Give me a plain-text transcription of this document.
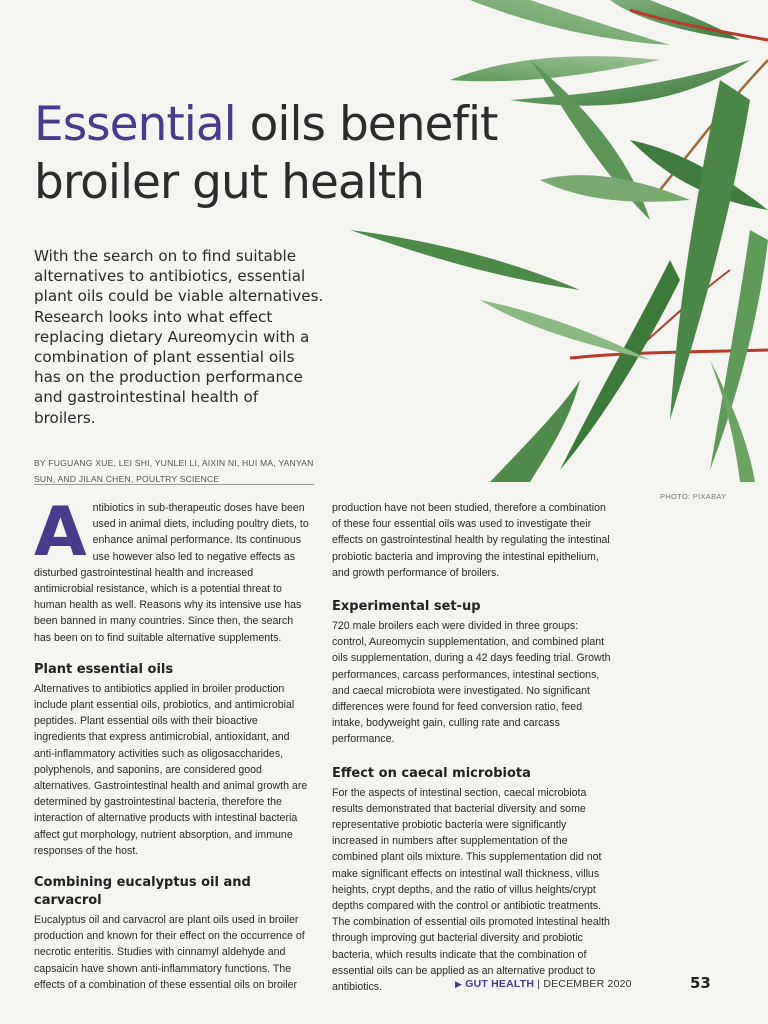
Essential oils benefit
broiler gut health

With the search on to find suitable alternatives to antibiotics, essential plant oils could be viable alternatives. Research looks into what effect replacing dietary Aureomycin with a combination of plant essential oils has on the production performance and gastrointestinal health of broilers.

BY FUGUANG XUE, LEI SHI, YUNLEI LI, AIXIN NI, HUI MA, YANYAN SUN, AND JILAN CHEN, POULTRY SCIENCE
PHOTO: PIXABAY
A ntibiotics in sub-therapeutic doses have been used in animal diets, including poultry diets, to enhance animal performance. Its continuous use however also led to negative effects as disturbed gastrointestinal health and increased antimicrobial resistance, which is a potential threat to human health as well. Reasons why its intensive use has been banned in many countries. Since then, the search has been on to find suitable alternative supplements.
Plant essential oils

Alternatives to antibiotics applied in broiler production include plant essential oils, probiotics, and antimicrobial peptides. Plant essential oils with their bioactive ingredients that express antimicrobial, antioxidant, and anti-inflammatory activities such as oligosaccharides, polyphenols, and saponins, are considered good alternatives. Gastrointestinal health and animal growth are determined by gastrointestinal bacteria, therefore the interaction of alternative products with intestinal bacteria affect gut morphology, nutrient absorption, and immune responses of the host.

Combining eucalyptus oil and carvacrol

Eucalyptus oil and carvacrol are plant oils used in broiler production and known for their effect on the occurrence of necrotic enteritis. Studies with cinnamyl aldehyde and capsaicin have shown anti-inflammatory functions. The effects of a combination of these essential oils on broiler

production have not been studied, therefore a combination of these four essential oils was used to investigate their effects on gastrointestinal health by regulating the intestinal probiotic bacteria and improving the intestinal epithelium, and growth performance of broilers.

Experimental set-up

720 male broilers each were divided in three groups: control, Aureomycin supplementation, and combined plant oils supplementation, during a 42 days feeding trial. Growth performances, carcass performances, intestinal sections, and caecal microbiota were investigated. No significant differences were found for feed conversion ratio, feed intake, bodyweight gain, culling rate and carcass performance.

Effect on caecal microbiota

For the aspects of intestinal section, caecal microbiota results demonstrated that bacterial diversity and some representative probiotic bacteria were significantly increased in numbers after supplementation of the combined plant oils mixture. This supplementation did not make significant effects on intestinal wall thickness, villus heights, crypt depths, and the ratio of villus heights/crypt depths compared with the control or antibiotic treatments. The combination of essential oils promoted intestinal health through improving gut bacterial diversity and probiotic bacteria, which results indicate that the combination of essential oils can be applied as an alternative product to antibiotics.	▶ GUT HEALTH | DECEMBER 2020	53
